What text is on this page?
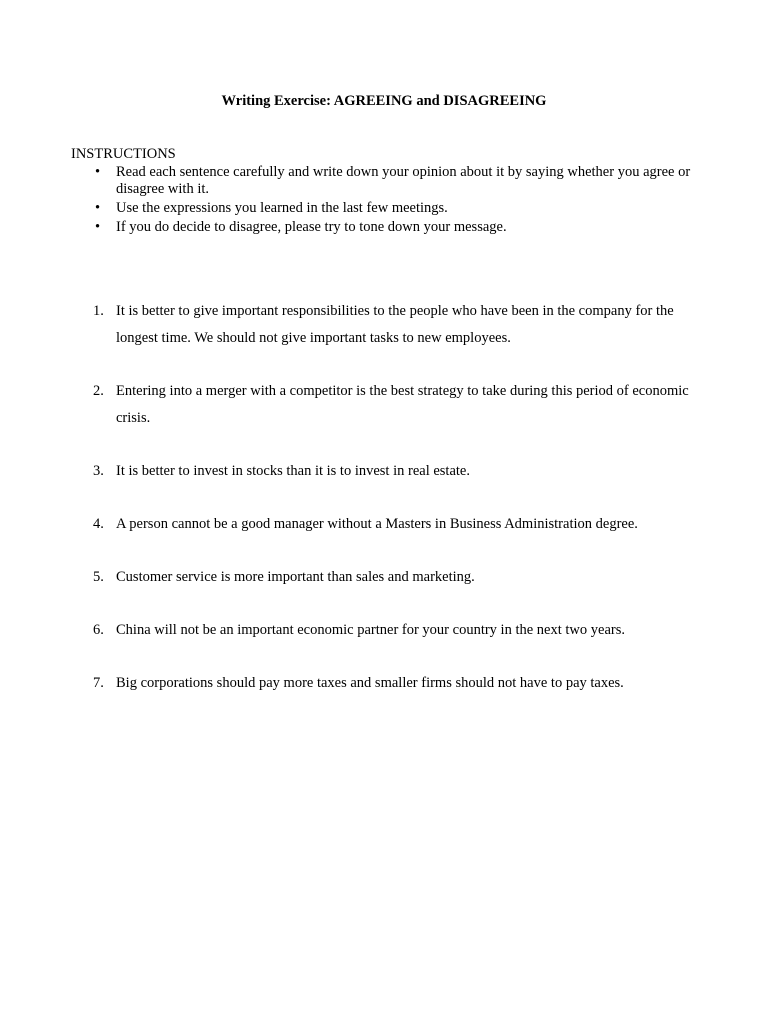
Writing Exercise: AGREEING and DISAGREEING
INSTRUCTIONS
• Read each sentence carefully and write down your opinion about it by saying whether you agree or disagree with it.
• Use the expressions you learned in the last few meetings.
• If you do decide to disagree, please try to tone down your message.
1. It is better to give important responsibilities to the people who have been in the company for the longest time. We should not give important tasks to new employees.
2. Entering into a merger with a competitor is the best strategy to take during this period of economic crisis.
3. It is better to invest in stocks than it is to invest in real estate.
4. A person cannot be a good manager without a Masters in Business Administration degree.
5. Customer service is more important than sales and marketing.
6. China will not be an important economic partner for your country in the next two years.
7. Big corporations should pay more taxes and smaller firms should not have to pay taxes.
